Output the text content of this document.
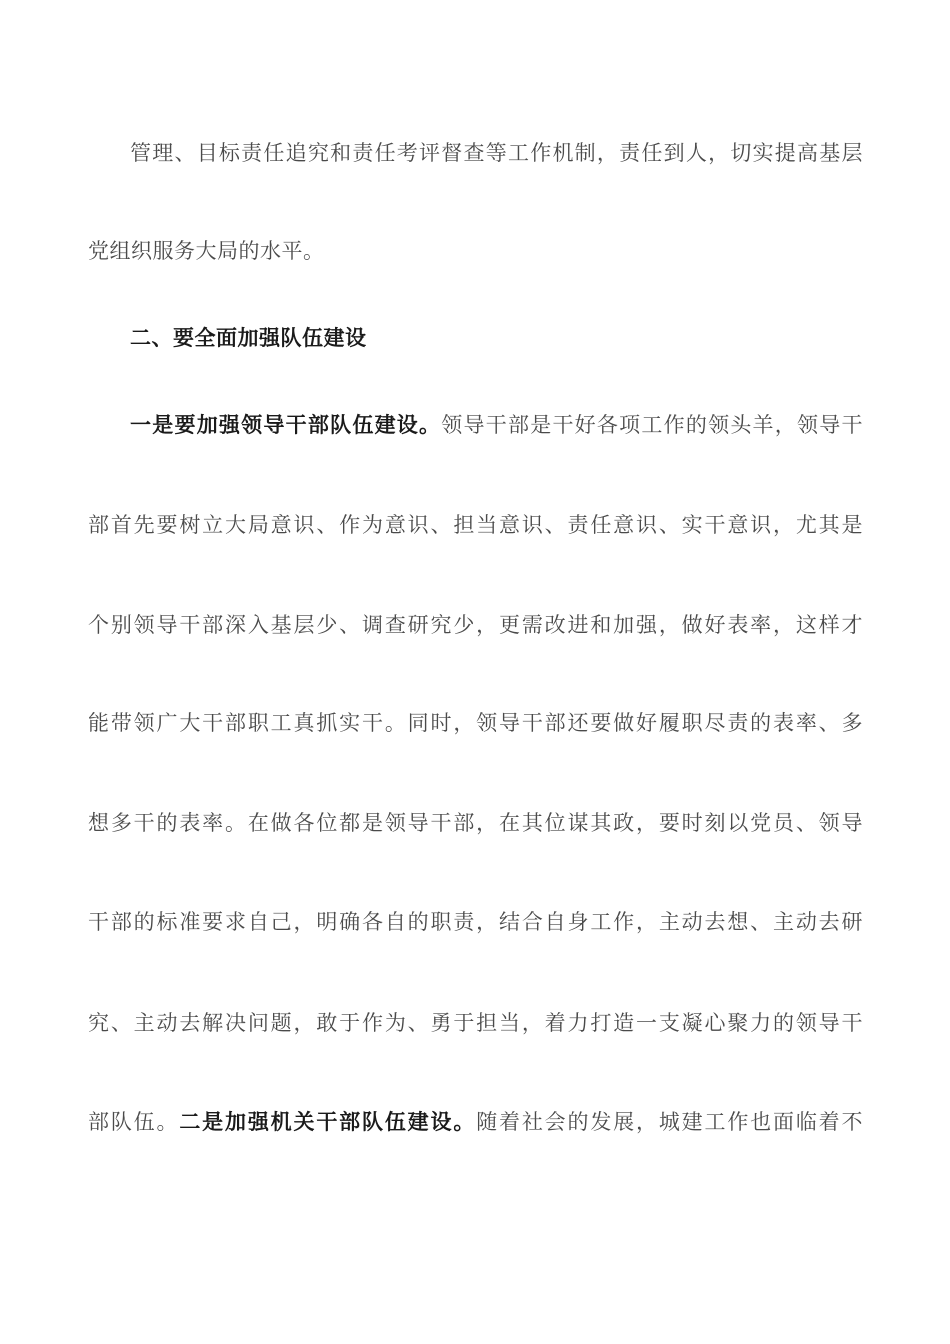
管理、目标责任追究和责任考评督查等工作机制，责任到人，切实提高基层
党组织服务大局的水平。
二、要全面加强队伍建设
一是要加强领导干部队伍建设。领导干部是干好各项工作的领头羊，领导干
部首先要树立大局意识、作为意识、担当意识、责任意识、实干意识，尤其是
个别领导干部深入基层少、调查研究少，更需改进和加强，做好表率，这样才
能带领广大干部职工真抓实干。同时，领导干部还要做好履职尽责的表率、多
想多干的表率。在做各位都是领导干部，在其位谋其政，要时刻以党员、领导
干部的标准要求自己，明确各自的职责，结合自身工作，主动去想、主动去研
究、主动去解决问题，敢于作为、勇于担当，着力打造一支凝心聚力的领导干
部队伍。二是加强机关干部队伍建设。随着社会的发展，城建工作也面临着不
